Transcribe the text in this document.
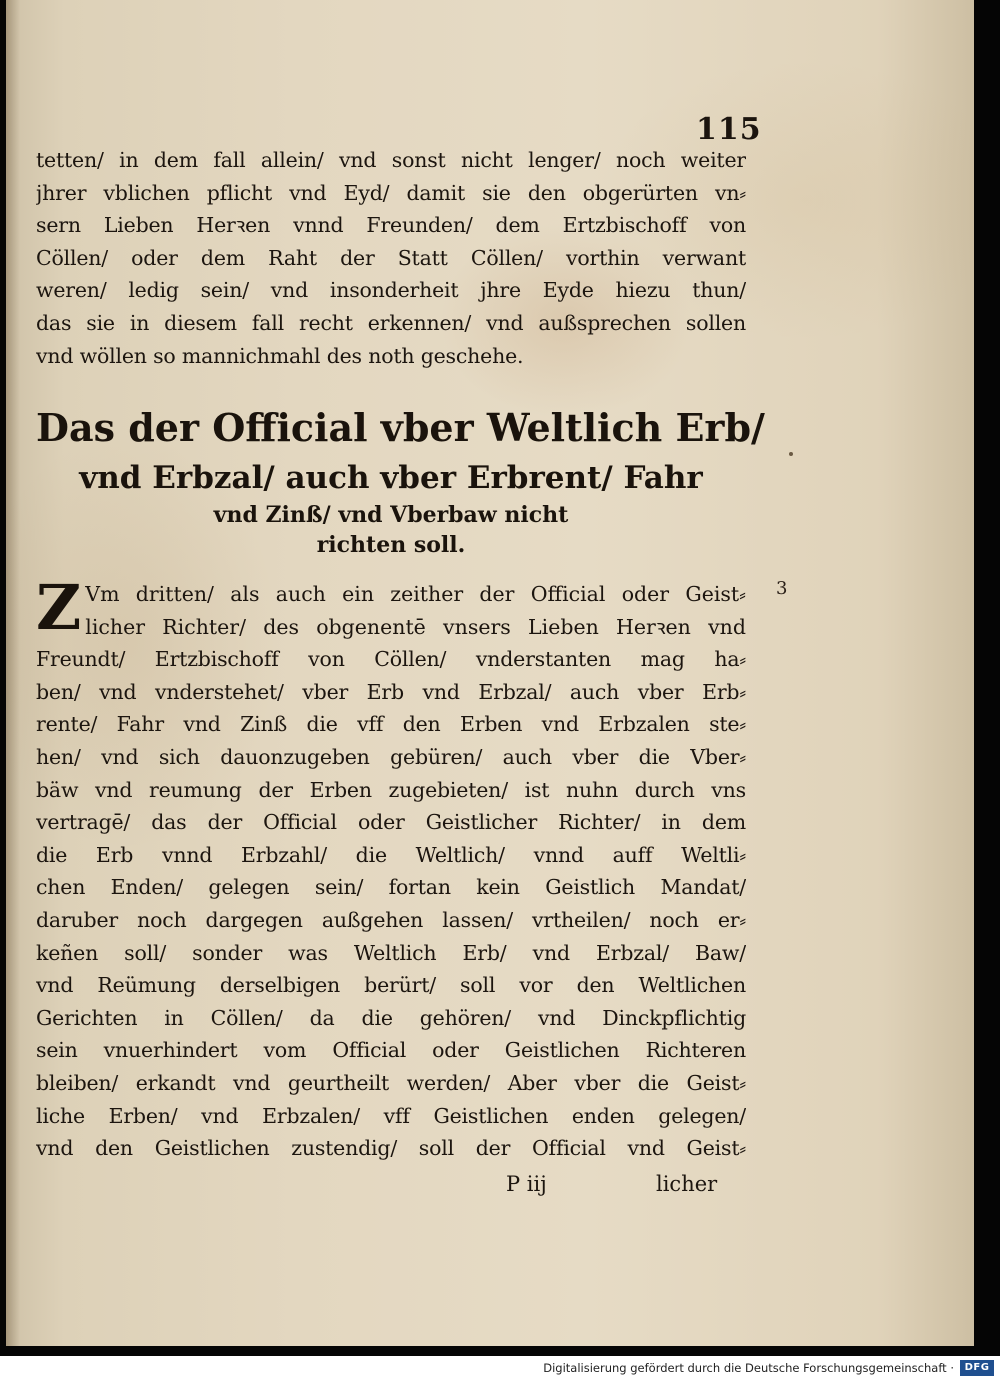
115
tetten/ in dem fall allein/ vnd sonst nicht lenger/ noch weiter
jhrer vblichen pflicht vnd Eyd/ damit sie den obgerürten vn⸗
sern Lieben Herꝛen vnnd Freunden/ dem Ertzbischoff von
Cöllen/ oder dem Raht der Statt Cöllen/ vorthin verwant
weren/ ledig sein/ vnd insonderheit jhre Eyde hiezu thun/
das sie in diesem fall recht erkennen/ vnd außsprechen sollen
vnd wöllen so mannichmahl des noth geschehe.
Das der Official vber Weltlich Erb/
vnd Erbzal/ auch vber Erbrent/ Fahr
vnd Zinß/ vnd Vberbaw nicht
richten soll.
3
Z Vm dritten/ als auch ein zeither der Official oder Geist⸗
licher Richter/ des obgenentē vnsers Lieben Herꝛen vnd
Freundt/ Ertzbischoff von Cöllen/ vnderstanten mag ha⸗
ben/ vnd vnderstehet/ vber Erb vnd Erbzal/ auch vber Erb⸗
rente/ Fahr vnd Zinß die vff den Erben vnd Erbzalen ste⸗
hen/ vnd sich dauonzugeben gebüren/ auch vber die Vber⸗
bäw vnd reumung der Erben zugebieten/ ist nuhn durch vns
vertragē/ das der Official oder Geistlicher Richter/ in dem
die Erb vnnd Erbzahl/ die Weltlich/ vnnd auff Weltli⸗
chen Enden/ gelegen sein/ fortan kein Geistlich Mandat/
daruber noch dargegen außgehen lassen/ vrtheilen/ noch er⸗
keñen soll/ sonder was Weltlich Erb/ vnd Erbzal/ Baw/
vnd Reümung derselbigen berürt/ soll vor den Weltlichen
Gerichten in Cöllen/ da die gehören/ vnd Dinckpflichtig
sein vnuerhindert vom Official oder Geistlichen Richteren
bleiben/ erkandt vnd geurtheilt werden/ Aber vber die Geist⸗
liche Erben/ vnd Erbzalen/ vff Geistlichen enden gelegen/
vnd den Geistlichen zustendig/ soll der Official vnd Geist⸗
P iij	licher
Digitalisierung gefördert durch die Deutsche Forschungsgemeinschaft ·	DFG
